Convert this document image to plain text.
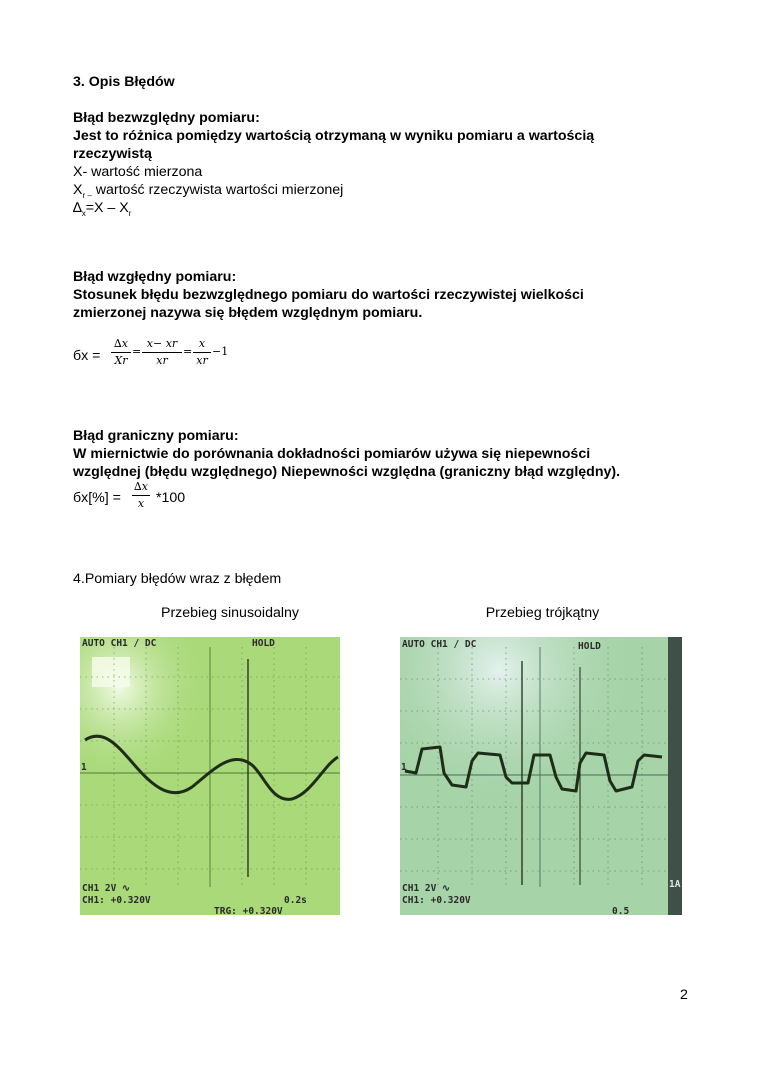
3. Opis Błędów
Błąd bezwzględny pomiaru:
Jest to różnica pomiędzy wartością otrzymaną w wyniku pomiaru a wartością
rzeczywistą
X- wartość mierzona
$X_{r -}$ wartość rzeczywista wartości mierzonej
$\Delta_x=X - X_r$
Błąd wzgłędny pomiaru:
Stosunek błędu bezwzględnego pomiaru do wartości rzeczywistej wielkości
zmierzonej nazywa się błędem względnym pomiaru.
бx =
∆x
Xr
=
x− xr
xr
=
x
xr
−1
Błąd graniczny pomiaru:
W miernictwie do porównania dokładności pomiarów używa się niepewności
względnej (błędu względnego) Niepewności względna (graniczny błąd względny).
бx[%] =
∆x
x *100
4.Pomiary błędów wraz z błędem
Przebieg sinusoidalny	Przebieg trójkątny
AUTO CH1 / DC	HOLD
1
CH1 2V ∿
CH1: +0.320V	0.2s
TRG: +0.320V
AUTO CH1 / DC	HOLD
1
CH1 2V ∿
CH1: +0.320V
0.5
1A
2
